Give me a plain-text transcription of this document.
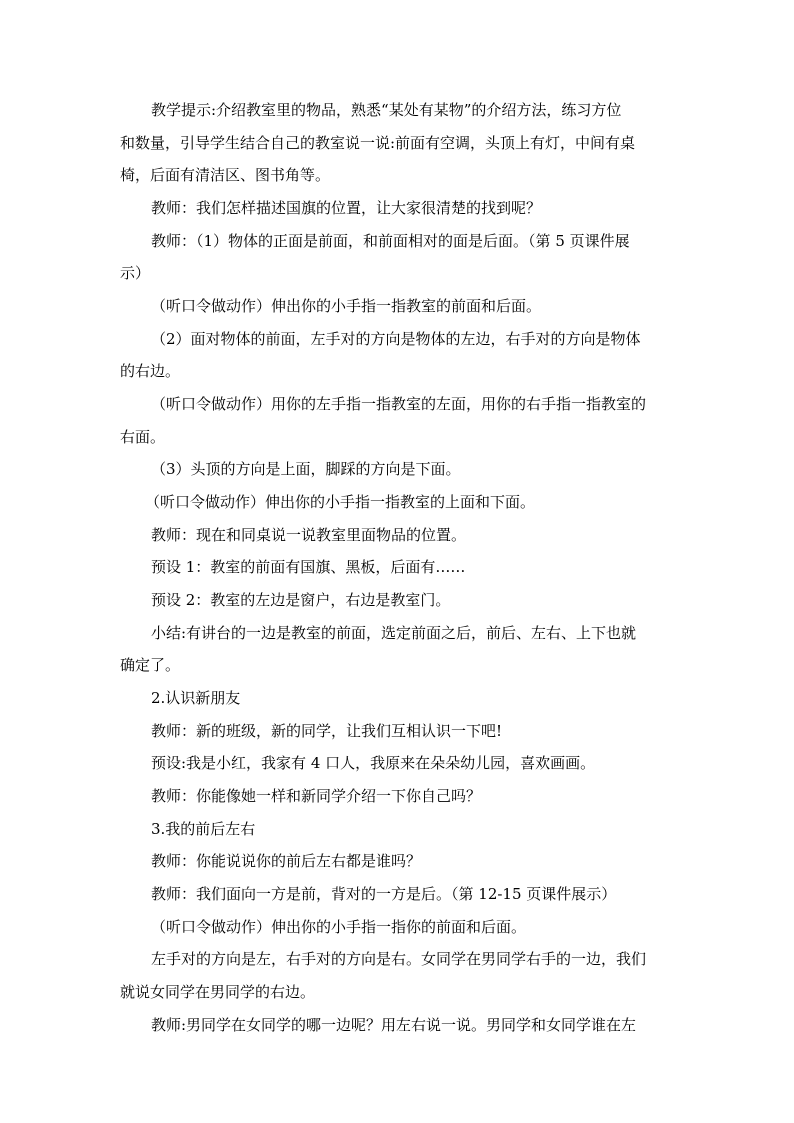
教学提示:介绍教室里的物品，熟悉“某处有某物”的介绍方法，练习方位
和数量，引导学生结合自己的教室说一说:前面有空调，头顶上有灯，中间有桌
椅，后面有清洁区、图书角等。
教师：我们怎样描述国旗的位置，让大家很清楚的找到呢？
教师：（1）物体的正面是前面，和前面相对的面是后面。（第 5 页课件展
示）
（听口令做动作）伸出你的小手指一指教室的前面和后面。
（2）面对物体的前面，左手对的方向是物体的左边，右手对的方向是物体
的右边。
（听口令做动作）用你的左手指一指教室的左面，用你的右手指一指教室的
右面。
（3）头顶的方向是上面，脚踩的方向是下面。
（听口令做动作）伸出你的小手指一指教室的上面和下面。
教师：现在和同桌说一说教室里面物品的位置。
预设 1：教室的前面有国旗、黑板，后面有……
预设 2：教室的左边是窗户，右边是教室门。
小结:有讲台的一边是教室的前面，选定前面之后，前后、左右、上下也就
确定了。
2.认识新朋友
教师：新的班级，新的同学，让我们互相认识一下吧!
预设:我是小红，我家有 4 口人，我原来在朵朵幼儿园，喜欢画画。
教师：你能像她一样和新同学介绍一下你自己吗？
3.我的前后左右
教师：你能说说你的前后左右都是谁吗？
教师：我们面向一方是前，背对的一方是后。（第 12-15 页课件展示）
（听口令做动作）伸出你的小手指一指你的前面和后面。
左手对的方向是左，右手对的方向是右。女同学在男同学右手的一边，我们
就说女同学在男同学的右边。
教师:男同学在女同学的哪一边呢？用左右说一说。男同学和女同学谁在左
